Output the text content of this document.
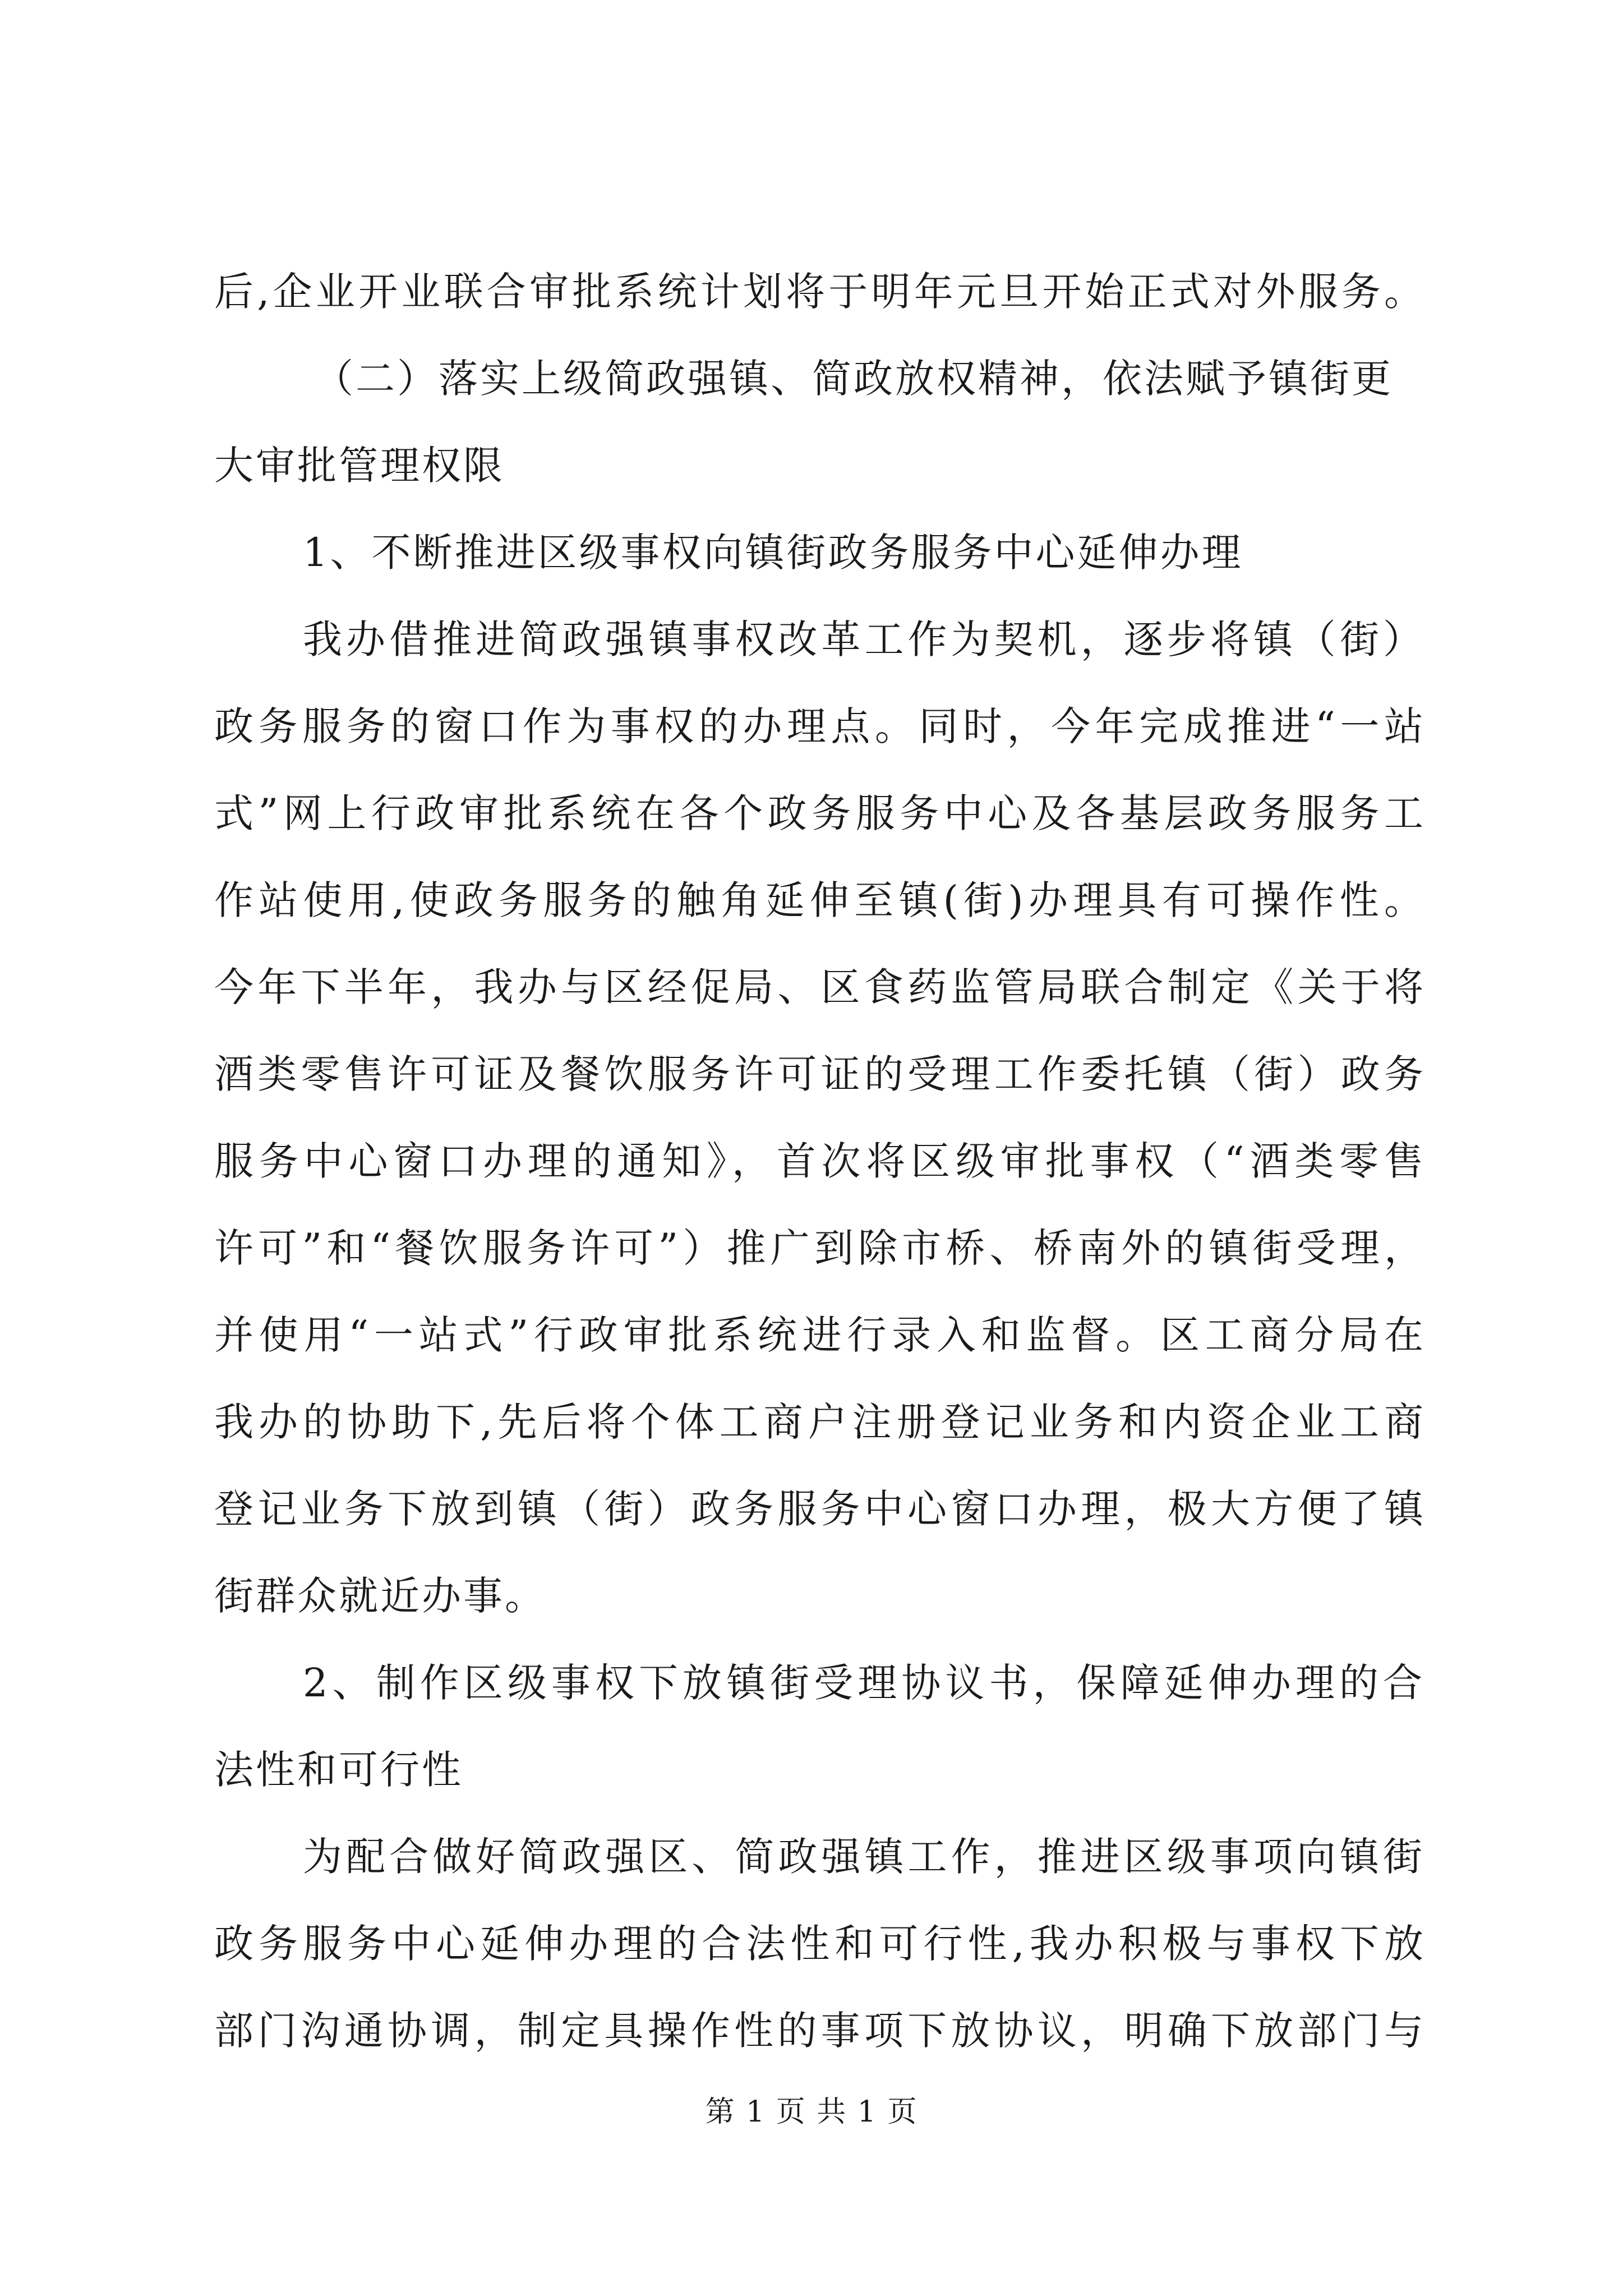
后,企业开业联合审批系统计划将于明年元旦开始正式对外服务。
（二）落实上级简政强镇、简政放权精神，依法赋予镇街更
大审批管理权限
1、不断推进区级事权向镇街政务服务中心延伸办理
我办借推进简政强镇事权改革工作为契机，逐步将镇（街）
政务服务的窗口作为事权的办理点。同时，今年完成推进“一站
式”网上行政审批系统在各个政务服务中心及各基层政务服务工
作站使用,使政务服务的触角延伸至镇(街)办理具有可操作性。
今年下半年，我办与区经促局、区食药监管局联合制定《关于将
酒类零售许可证及餐饮服务许可证的受理工作委托镇（街）政务
服务中心窗口办理的通知》，首次将区级审批事权（“酒类零售
许可”和“餐饮服务许可”）推广到除市桥、桥南外的镇街受理，
并使用“一站式”行政审批系统进行录入和监督。区工商分局在
我办的协助下,先后将个体工商户注册登记业务和内资企业工商
登记业务下放到镇（街）政务服务中心窗口办理，极大方便了镇
街群众就近办事。
2、制作区级事权下放镇街受理协议书，保障延伸办理的合
法性和可行性
为配合做好简政强区、简政强镇工作，推进区级事项向镇街
政务服务中心延伸办理的合法性和可行性,我办积极与事权下放
部门沟通协调，制定具操作性的事项下放协议，明确下放部门与
第 1 页 共 1 页
